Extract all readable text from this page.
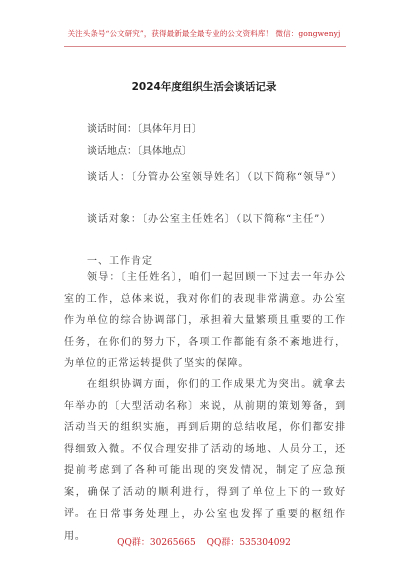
关注头条号“公文研究”，获得最新最全最专业的公文资料库！ 微信：gongwenyj
2024年度组织生活会谈话记录
谈话时间：〔具体年月日〕
谈话地点：〔具体地点〕
谈话人：〔分管办公室领导姓名〕（以下简称“领导”）
谈话对象：〔办公室主任姓名〕（以下简称“主任”）
一、工作肯定

领导：〔主任姓名〕，咱们一起回顾一下过去一年办公室的工作，总体来说，我对你们的表现非常满意。办公室作为单位的综合协调部门，承担着大量繁琐且重要的工作任务，在你们的努力下，各项工作都能有条不紊地进行，为单位的正常运转提供了坚实的保障。

在组织协调方面，你们的工作成果尤为突出。就拿去年举办的〔大型活动名称〕来说，从前期的策划筹备，到活动当天的组织实施，再到后期的总结收尾，你们都安排得细致入微。不仅合理安排了活动的场地、人员分工，还提前考虑到了各种可能出现的突发情况，制定了应急预案，确保了活动的顺利进行，得到了单位上下的一致好评。 在日常事务处理上，办公室也发挥了重要的枢纽作用。

QQ群：30265665 QQ群：535304092
